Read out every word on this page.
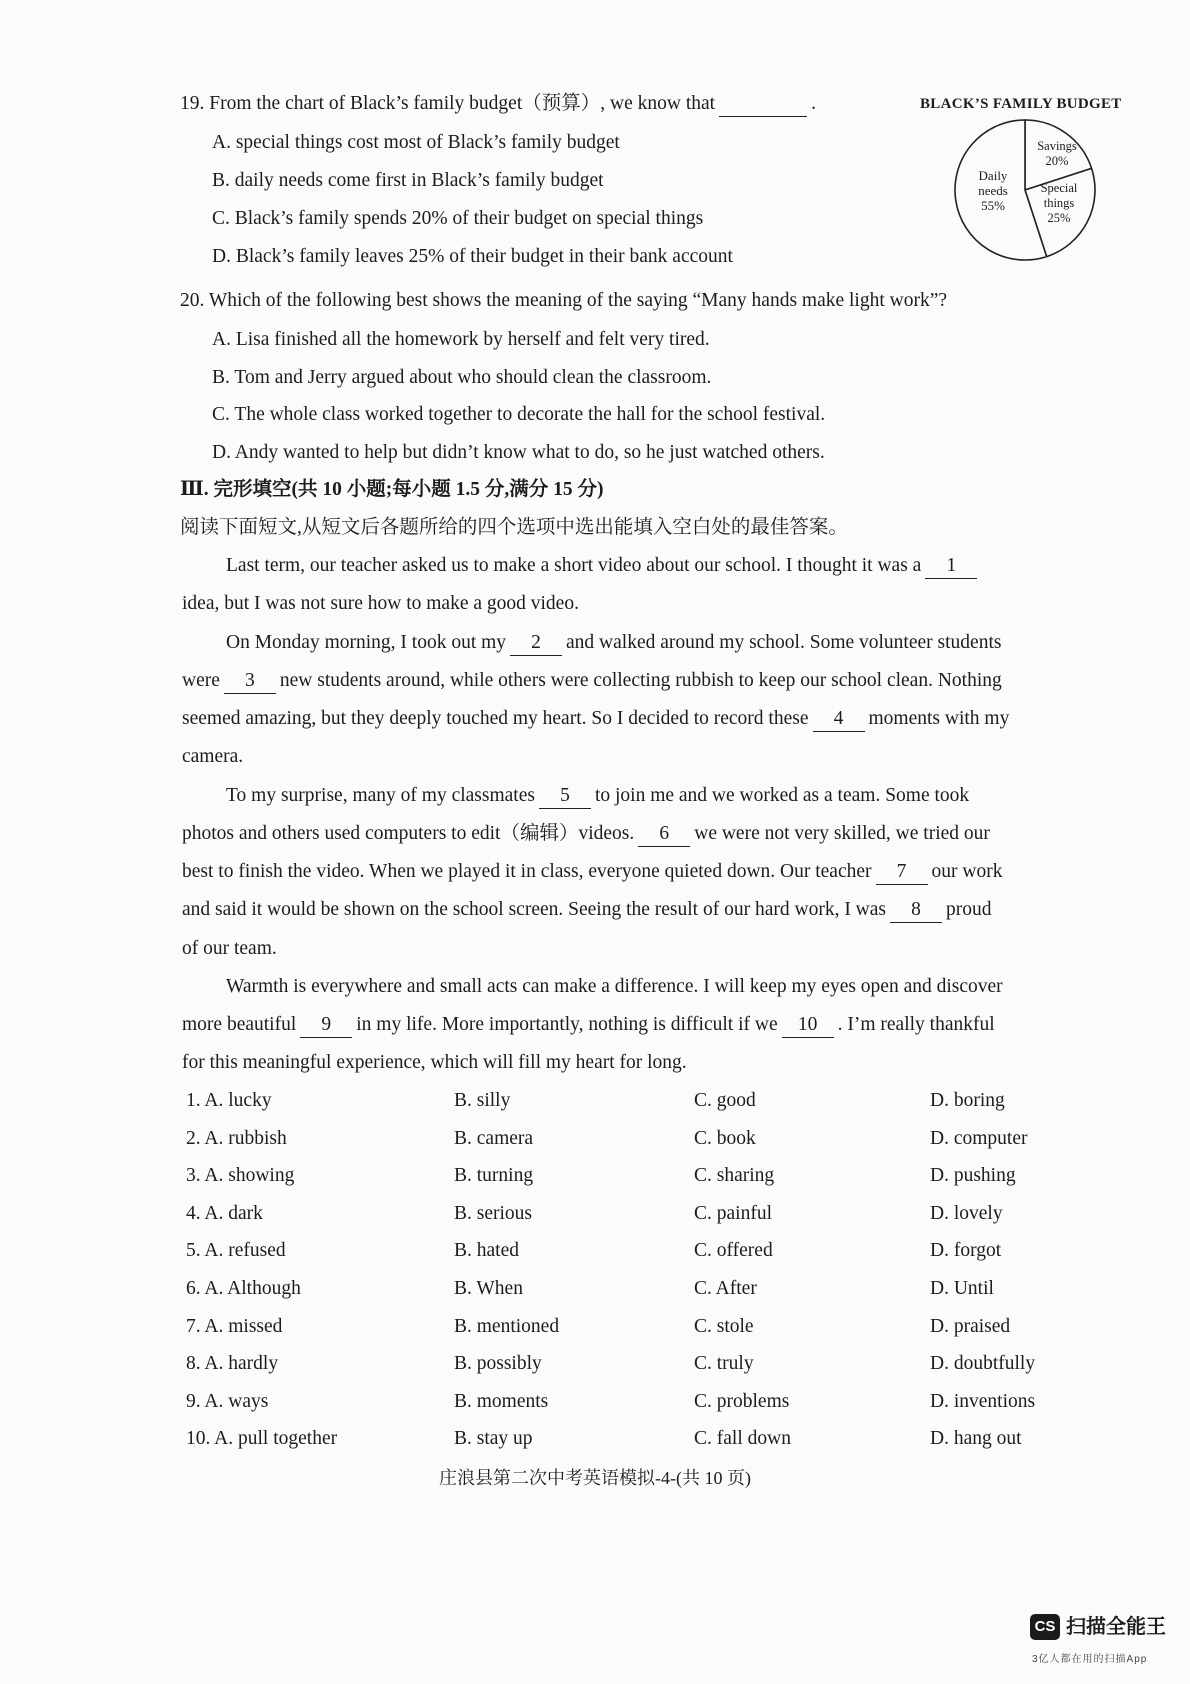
19. From the chart of Black’s family budget（预算）, we know that	.
A. special things cost most of Black’s family budget
B. daily needs come first in Black’s family budget
C. Black’s family spends 20% of their budget on special things
D. Black’s family leaves 25% of their budget in their bank account
BLACK’S FAMILY BUDGET
Daily needs 55%
Savings 20%
Special things 25%
20. Which of the following best shows the meaning of the saying “Many hands make light work”?
A. Lisa finished all the homework by herself and felt very tired.
B. Tom and Jerry argued about who should clean the classroom.
C. The whole class worked together to decorate the hall for the school festival.
D. Andy wanted to help but didn’t know what to do, so he just watched others.
Ⅲ. 完形填空(共 10 小题;每小题 1.5 分,满分 15 分)
阅读下面短文,从短文后各题所给的四个选项中选出能填入空白处的最佳答案。
Last term, our teacher asked us to make a short video about our school. I thought it was a 1
idea, but I was not sure how to make a good video.
On Monday morning, I took out my 2 and walked around my school. Some volunteer students
were 3 new students around, while others were collecting rubbish to keep our school clean. Nothing
seemed amazing, but they deeply touched my heart. So I decided to record these 4 moments with my
camera.
To my surprise, many of my classmates 5 to join me and we worked as a team. Some took
photos and others used computers to edit（编辑）videos. 6 we were not very skilled, we tried our
best to finish the video. When we played it in class, everyone quieted down. Our teacher 7 our work
and said it would be shown on the school screen. Seeing the result of our hard work, I was 8 proud
of our team.
Warmth is everywhere and small acts can make a difference. I will keep my eyes open and discover
more beautiful 9 in my life. More importantly, nothing is difficult if we 10 . I’m really thankful
for this meaningful experience, which will fill my heart for long.
1. A. lucky	B. silly	C. good	D. boring
2. A. rubbish	B. camera	C. book	D. computer
3. A. showing	B. turning	C. sharing	D. pushing
4. A. dark	B. serious	C. painful	D. lovely
5. A. refused	B. hated	C. offered	D. forgot
6. A. Although	B. When	C. After	D. Until
7. A. missed	B. mentioned	C. stole	D. praised
8. A. hardly	B. possibly	C. truly	D. doubtfully
9. A. ways	B. moments	C. problems	D. inventions
10. A. pull together	B. stay up	C. fall down	D. hang out
庄浪县第二次中考英语模拟-4-(共 10 页)
CS 扫描全能王
3亿人都在用的扫描App
